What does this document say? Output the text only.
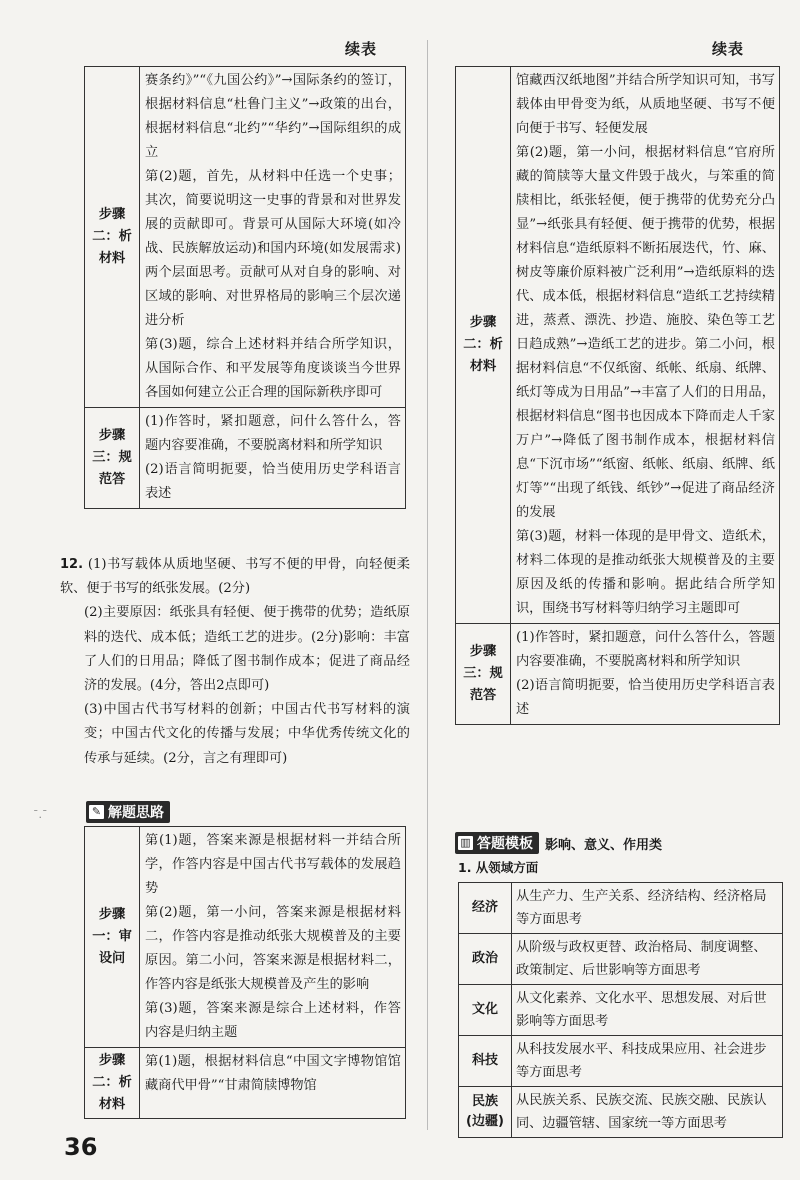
续表	续表
¯.¯
步骤二：析材料	赛条约》”“《九国公约》”→国际条约的签订，根据材料信息“杜鲁门主义”→政策的出台，根据材料信息“北约”“华约”→国际组织的成立

第(2)题，首先，从材料中任选一个史事；其次，简要说明这一史事的背景和对世界发展的贡献即可。背景可从国际大环境(如冷战、民族解放运动)和国内环境(如发展需求)两个层面思考。贡献可从对自身的影响、对区域的影响、对世界格局的影响三个层次递进分析

第(3)题，综合上述材料并结合所学知识，从国际合作、和平发展等角度谈谈当今世界各国如何建立公正合理的国际新秩序即可

步骤三：规范答	(1)作答时，紧扣题意，问什么答什么，答题内容要准确，不要脱离材料和所学知识

(2)语言简明扼要，恰当使用历史学科语言表述

12. (1)书写载体从质地坚硬、书写不便的甲骨，向轻便柔软、便于书写的纸张发展。(2分)

(2)主要原因：纸张具有轻便、便于携带的优势；造纸原料的迭代、成本低；造纸工艺的进步。(2分)影响：丰富了人们的日用品；降低了图书制作成本；促进了商品经济的发展。(4分，答出2点即可)

(3)中国古代书写材料的创新；中国古代书写材料的演变；中国古代文化的传播与发展；中华优秀传统文化的传承与延续。(2分，言之有理即可)

✎ 解题思路
步骤一：审设问	第(1)题，答案来源是根据材料一并结合所学，作答内容是中国古代书写载体的发展趋势

第(2)题，第一小问，答案来源是根据材料二，作答内容是推动纸张大规模普及的主要原因。第二小问，答案来源是根据材料二，作答内容是纸张大规模普及产生的影响

第(3)题，答案来源是综合上述材料，作答内容是归纳主题

步骤二：析材料	第(1)题，根据材料信息“中国文字博物馆馆藏商代甲骨”“甘肃简牍博物馆

步骤二：析材料	馆藏西汉纸地图”并结合所学知识可知，书写载体由甲骨变为纸，从质地坚硬、书写不便向便于书写、轻便发展

第(2)题，第一小问，根据材料信息“官府所藏的简牍等大量文件毁于战火，与笨重的简牍相比，纸张轻便，便于携带的优势充分凸显”→纸张具有轻便、便于携带的优势，根据材料信息“造纸原料不断拓展迭代，竹、麻、树皮等廉价原料被广泛利用”→造纸原料的迭代、成本低，根据材料信息“造纸工艺持续精进，蒸煮、漂洗、抄造、施胶、染色等工艺日趋成熟”→造纸工艺的进步。第二小问，根据材料信息“不仅纸窗、纸帐、纸扇、纸牌、纸灯等成为日用品”→丰富了人们的日用品，根据材料信息“图书也因成本下降而走人千家万户”→降低了图书制作成本，根据材料信息“下沉市场”“纸窗、纸帐、纸扇、纸牌、纸灯等”“出现了纸钱、纸钞”→促进了商品经济的发展

第(3)题，材料一体现的是甲骨文、造纸术，材料二体现的是推动纸张大规模普及的主要原因及纸的传播和影响。据此结合所学知识，围绕书写材料等归纳学习主题即可

步骤三：规范答	(1)作答时，紧扣题意，问什么答什么，答题内容要准确，不要脱离材料和所学知识

(2)语言简明扼要，恰当使用历史学科语言表述

▥ 答题模板 影响、意义、作用类
1. 从领域方面
经济	从生产力、生产关系、经济结构、经济格局等方面思考
政治	从阶级与政权更替、政治格局、制度调整、政策制定、后世影响等方面思考
文化	从文化素养、文化水平、思想发展、对后世影响等方面思考
科技	从科技发展水平、科技成果应用、社会进步等方面思考
民族(边疆)	从民族关系、民族交流、民族交融、民族认同、边疆管辖、国家统一等方面思考
36
